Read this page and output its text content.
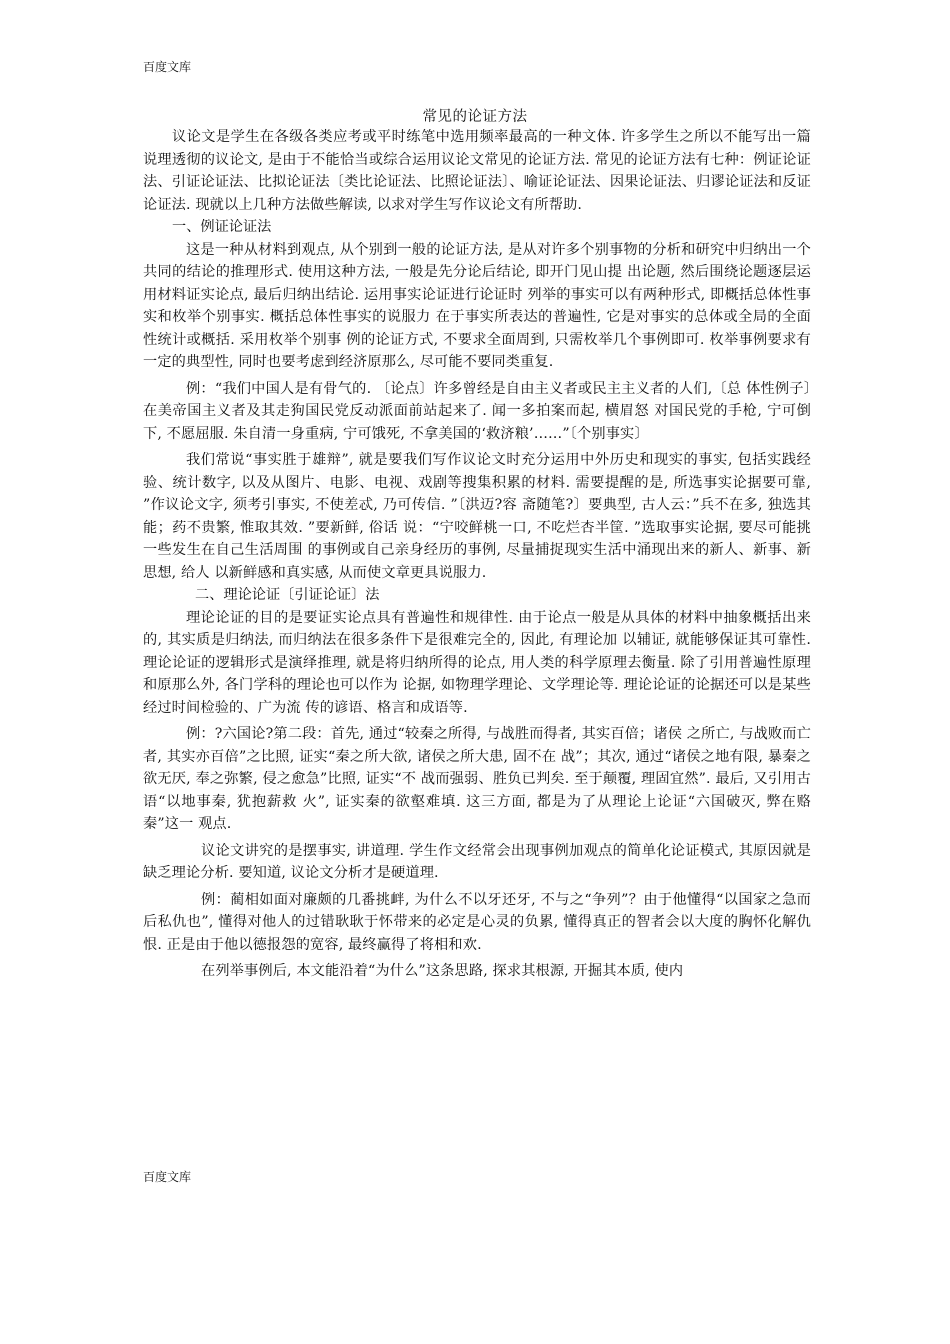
百度文库
常见的论证方法

议论文是学生在各级各类应考或平时练笔中选用频率最高的一种文体. 许多学生之所以不能写出一篇说理透彻的议论文, 是由于不能恰当或综合运用议论文常见的论证方法. 常见的论证方法有七种：例证论证法、引证论证法、比拟论证法〔类比论证法、比照论证法〕、喻证论证法、因果论证法、归谬论证法和反证论证法. 现就以上几种方法做些解读, 以求对学生写作议论文有所帮助.

一、例证论证法

这是一种从材料到观点, 从个别到一般的论证方法, 是从对许多个别事物的分析和研究中归纳出一个共同的结论的推理形式. 使用这种方法, 一般是先分论后结论, 即开门见山提 出论题, 然后围绕论题逐层运用材料证实论点, 最后归纳出结论. 运用事实论证进行论证时 列举的事实可以有两种形式, 即概括总体性事实和枚举个别事实. 概括总体性事实的说服力 在于事实所表达的普遍性, 它是对事实的总体或全局的全面性统计或概括. 采用枚举个别事 例的论证方式, 不要求全面周到, 只需枚举几个事例即可. 枚举事例要求有一定的典型性, 同时也要考虑到经济原那么, 尽可能不要同类重复.

例：“我们中国人是有骨气的. 〔论点〕许多曾经是自由主义者或民主主义者的人们,〔总 体性例子〕在美帝国主义者及其走狗国民党反动派面前站起来了. 闻一多拍案而起, 横眉怒 对国民党的手枪, 宁可倒下, 不愿屈服. 朱自清一身重病, 宁可饿死, 不拿美国的‘救济粮’……”〔个别事实〕

我们常说“事实胜于雄辩”, 就是要我们写作议论文时充分运用中外历史和现实的事实, 包括实践经验、统计数字, 以及从图片、电影、电视、戏剧等搜集积累的材料. 需要提醒的是, 所选事实论据要可靠, ”作议论文字, 须考引事实, 不使差忒, 乃可传信. ”〔洪迈?容 斋随笔?〕要典型, 古人云：”兵不在多, 独选其能；药不贵繁, 惟取其效. ”要新鲜, 俗话 说：“宁咬鲜桃一口, 不吃烂杏半筐. ”选取事实论据, 要尽可能挑一些发生在自己生活周围 的事例或自己亲身经历的事例, 尽量捕捉现实生活中涌现出来的新人、新事、新思想, 给人 以新鲜感和真实感, 从而使文章更具说服力.

二、理论论证〔引证论证〕法

理论论证的目的是要证实论点具有普遍性和规律性. 由于论点一般是从具体的材料中抽象概括出来的, 其实质是归纳法, 而归纳法在很多条件下是很难完全的, 因此, 有理论加 以辅证, 就能够保证其可靠性. 理论论证的逻辑形式是演绎推理, 就是将归纳所得的论点, 用人类的科学原理去衡量. 除了引用普遍性原理和原那么外, 各门学科的理论也可以作为 论据, 如物理学理论、文学理论等. 理论论证的论据还可以是某些经过时间检验的、广为流 传的谚语、格言和成语等.

例：?六国论?第二段：首先, 通过“较秦之所得, 与战胜而得者, 其实百倍；诸侯 之所亡, 与战败而亡者, 其实亦百倍”之比照, 证实“秦之所大欲, 诸侯之所大患, 固不在 战”；其次, 通过“诸侯之地有限, 暴秦之欲无厌, 奉之弥繁, 侵之愈急”比照, 证实“不 战而强弱、胜负已判矣. 至于颠覆, 理固宜然”. 最后, 又引用古语“以地事秦, 犹抱薪救 火”, 证实秦的欲壑难填. 这三方面, 都是为了从理论上论证“六国破灭, 弊在赂秦”这一 观点.

议论文讲究的是摆事实, 讲道理. 学生作文经常会出现事例加观点的简单化论证模式, 其原因就是缺乏理论分析. 要知道, 议论文分析才是硬道理.

例：蔺相如面对廉颇的几番挑衅, 为什么不以牙还牙, 不与之“争列”？由于他懂得“以国家之急而后私仇也”, 懂得对他人的过错耿耿于怀带来的必定是心灵的负累, 懂得真正的智者会以大度的胸怀化解仇恨. 正是由于他以德报怨的宽容, 最终赢得了将相和欢.

在列举事例后, 本文能沿着“为什么”这条思路, 探求其根源, 开掘其本质, 使内

百度文库
